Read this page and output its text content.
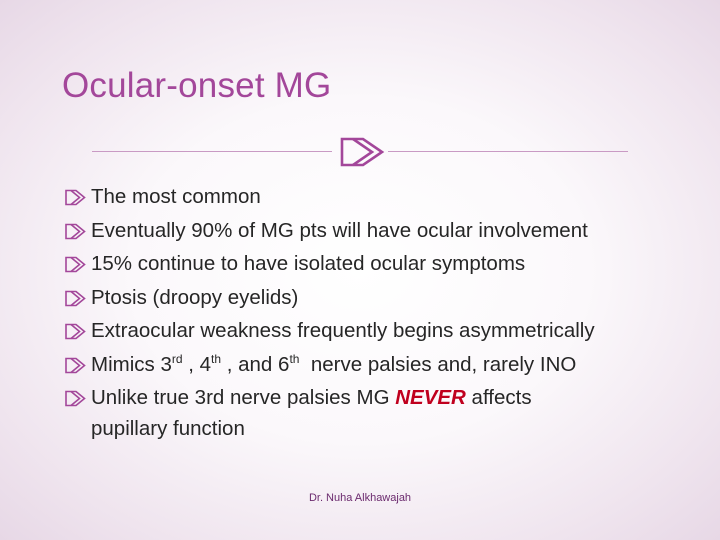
Ocular-onset MG
The most common
Eventually 90% of MG pts will have ocular involvement
15% continue to have isolated ocular symptoms
Ptosis (droopy eyelids)
Extraocular weakness frequently begins asymmetrically
Mimics 3rd , 4th , and 6th  nerve palsies and, rarely INO
Unlike true 3rd nerve palsies MG NEVER affects
pupillary function
Dr. Nuha Alkhawajah
